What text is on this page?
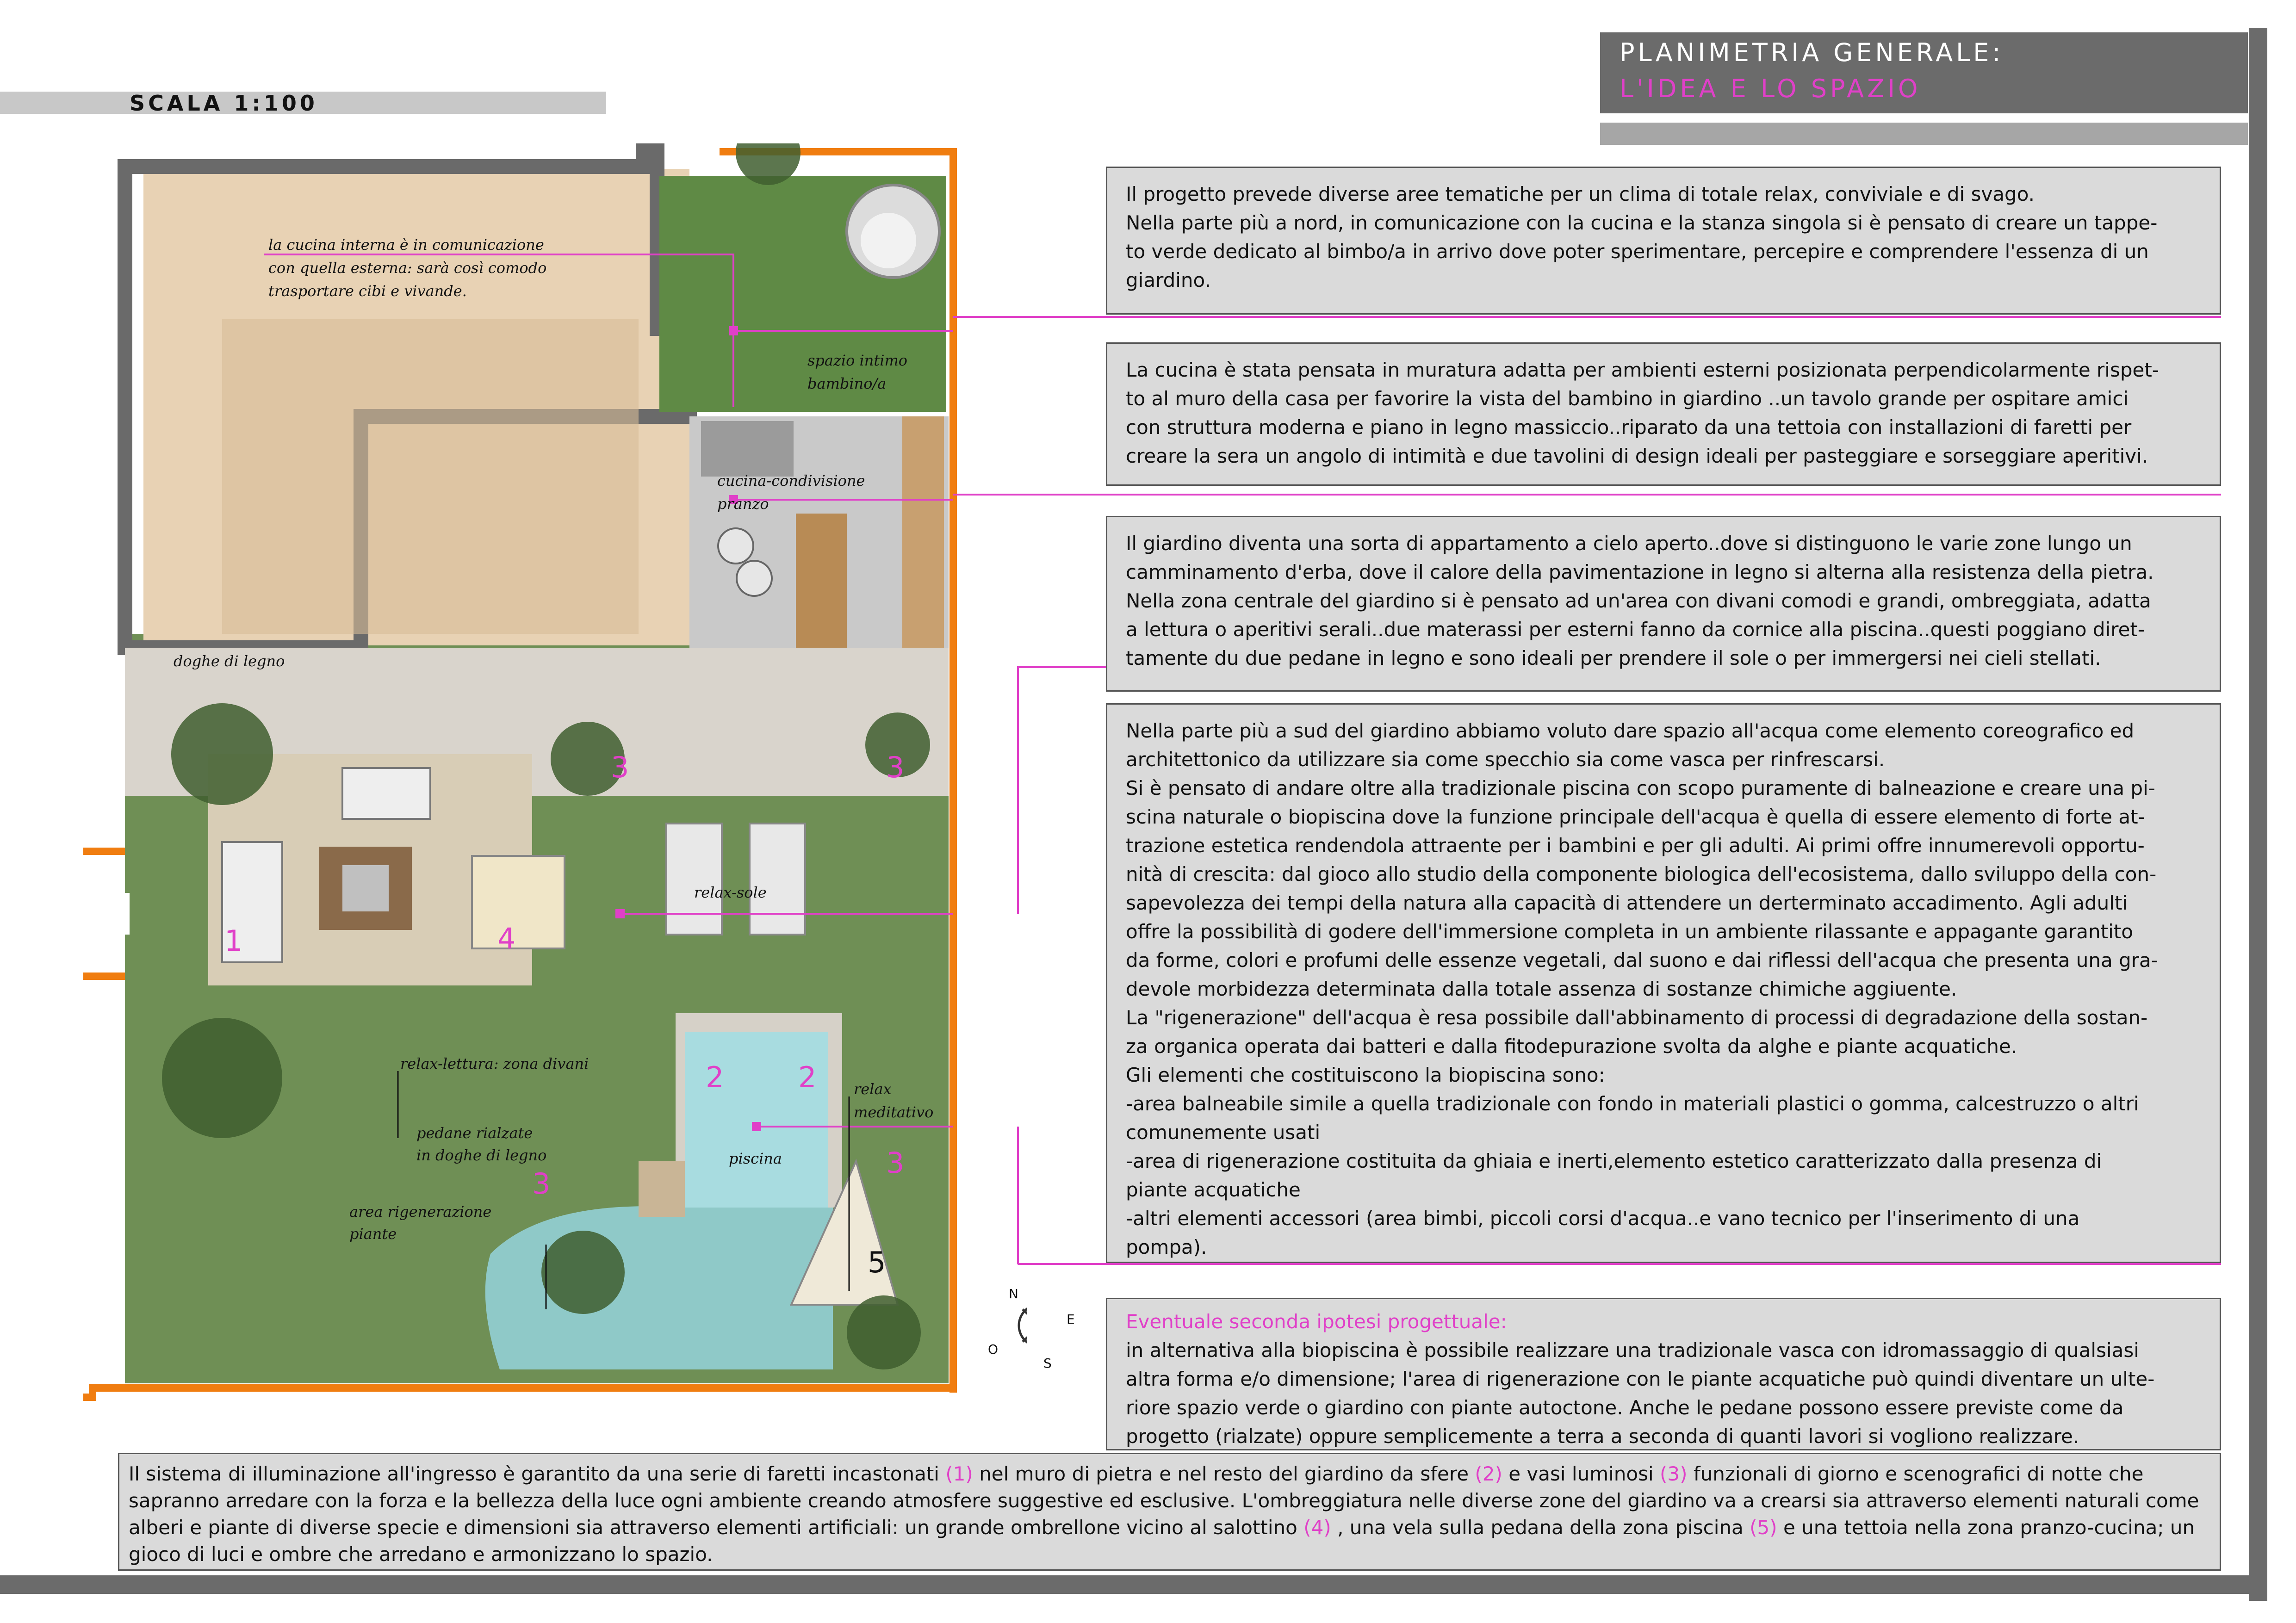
PLANIMETRIA GENERALE:
L'IDEA E LO SPAZIO
SCALA 1:100
la cucina interna è in comunicazione
con quella esterna: sarà così comodo
trasportare cibi e vivande.
spazio intimo
bambino/a
cucina-condivisione
pranzo
doghe di legno
relax-sole
relax-lettura: zona divani
relax
meditativo
pedane rialzate
in doghe di legno	piscina
area rigenerazione
piante
1	4
3	3
2	2
3
3
5
N
E
S
O

Il progetto prevede diverse aree tematiche per un clima di totale relax, conviviale e di svago.

Nella parte più a nord, in comunicazione con la cucina e la stanza singola si è pensato di creare un tappe-

to verde dedicato al bimbo/a in arrivo dove poter sperimentare, percepire e comprendere l'essenza di un

giardino.

La cucina è stata pensata in muratura adatta per ambienti esterni posizionata perpendicolarmente rispet-

to al muro della casa per favorire la vista del bambino in giardino ..un tavolo grande per ospitare amici

con struttura moderna e piano in legno massiccio..riparato da una tettoia con installazioni di faretti per

creare la sera un angolo di intimità e due tavolini di design ideali per pasteggiare e sorseggiare aperitivi.

Il giardino diventa una sorta di appartamento a cielo aperto..dove si distinguono le varie zone lungo un

camminamento d'erba, dove il calore della pavimentazione in legno si alterna alla resistenza della pietra.

Nella zona centrale del giardino si è pensato ad un'area con divani comodi e grandi, ombreggiata, adatta

a lettura o aperitivi serali..due materassi per esterni fanno da cornice alla piscina..questi poggiano diret-

tamente du due pedane in legno e sono ideali per prendere il sole o per immergersi nei cieli stellati.

Nella parte più a sud del giardino abbiamo voluto dare spazio all'acqua come elemento coreografico ed

architettonico da utilizzare sia come specchio sia come vasca per rinfrescarsi.

Si è pensato di andare oltre alla tradizionale piscina con scopo puramente di balneazione e creare una pi-

scina naturale o biopiscina dove la funzione principale dell'acqua è quella di essere elemento di forte at-

trazione estetica rendendola attraente per i bambini e per gli adulti. Ai primi offre innumerevoli opportu-

nità di crescita: dal gioco allo studio della componente biologica dell'ecosistema, dallo sviluppo della con-

sapevolezza dei tempi della natura alla capacità di attendere un derterminato accadimento. Agli adulti

offre la possibilità di godere dell'immersione completa in un ambiente rilassante e appagante garantito

da forme, colori e profumi delle essenze vegetali, dal suono e dai riflessi dell'acqua che presenta una gra-

devole morbidezza determinata dalla totale assenza di sostanze chimiche aggiuente.

La "rigenerazione" dell'acqua è resa possibile dall'abbinamento di processi di degradazione della sostan-

za organica operata dai batteri e dalla fitodepurazione svolta da alghe e piante acquatiche.

Gli elementi che costituiscono la biopiscina sono:

-area balneabile simile a quella tradizionale con fondo in materiali plastici o gomma, calcestruzzo o altri

comunemente usati

-area di rigenerazione costituita da ghiaia e inerti,elemento estetico caratterizzato dalla presenza di

piante acquatiche

-altri elementi accessori (area bimbi, piccoli corsi d'acqua..e vano tecnico per l'inserimento di una

pompa).

Eventuale seconda ipotesi progettuale:

in alternativa alla biopiscina è possibile realizzare una tradizionale vasca con idromassaggio di qualsiasi

altra forma e/o dimensione; l'area di rigenerazione con le piante acquatiche può quindi diventare un ulte-

riore spazio verde o giardino con piante autoctone. Anche le pedane possono essere previste come da

progetto (rialzate) oppure semplicemente a terra a seconda di quanti lavori si vogliono realizzare.

Il sistema di illuminazione all'ingresso è garantito da una serie di faretti incastonati (1) nel muro di pietra e nel resto del giardino da sfere (2) e vasi luminosi (3) funzionali di giorno e scenografici di notte che sapranno arredare con la forza e la bellezza della luce ogni ambiente creando atmosfere suggestive ed esclusive. L'ombreggiatura nelle diverse zone del giardino va a crearsi sia attraverso elementi naturali come alberi e piante di diverse specie e dimensioni sia attraverso elementi artificiali: un grande ombrellone vicino al salottino (4) , una vela sulla pedana della zona piscina (5) e una tettoia nella zona pranzo-cucina; un gioco di luci e ombre che arredano e armonizzano lo spazio.
